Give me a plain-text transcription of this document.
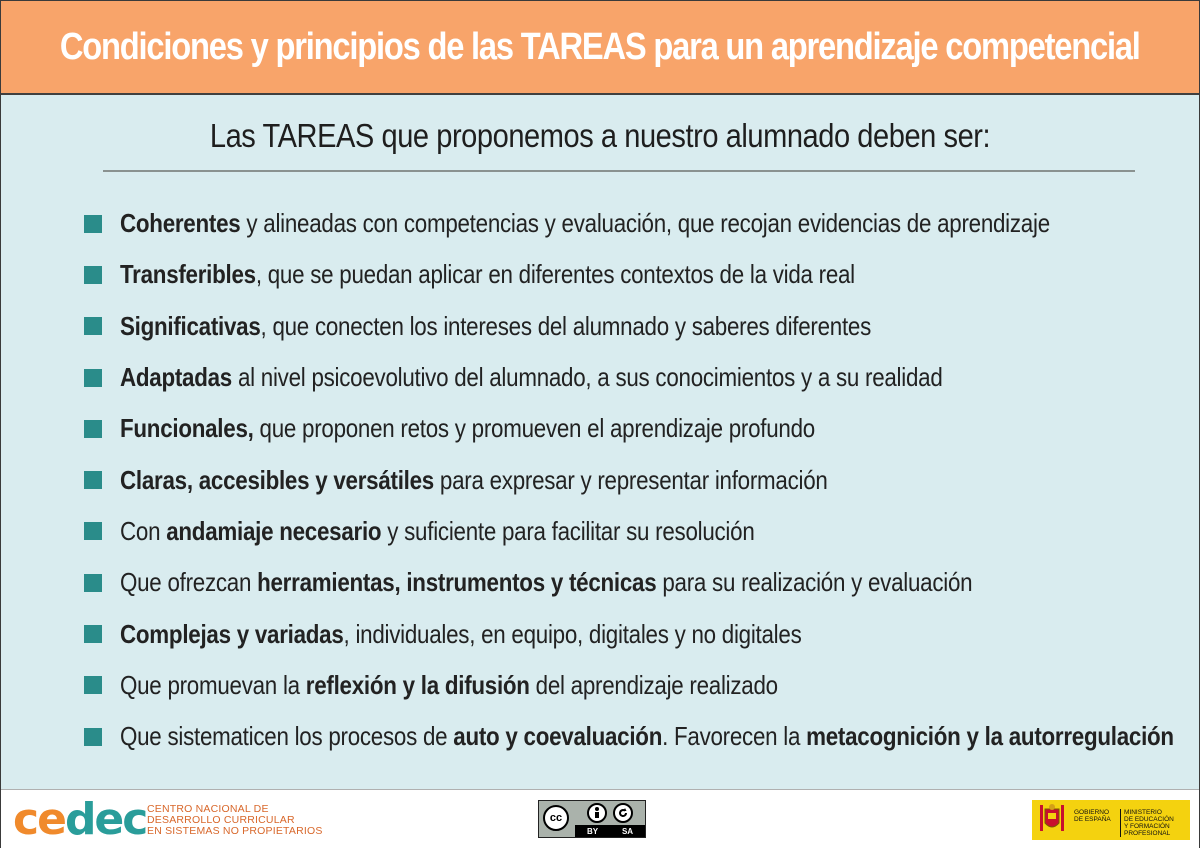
Condiciones y principios de las TAREAS para un aprendizaje competencial
Las TAREAS que proponemos a nuestro alumnado deben ser:
Coherentes y alineadas con competencias y evaluación, que recojan evidencias de aprendizaje
Transferibles, que se puedan aplicar en diferentes contextos de la vida real
Significativas, que conecten los intereses del alumnado y saberes diferentes
Adaptadas al nivel psicoevolutivo del alumnado, a sus conocimientos y a su realidad
Funcionales, que proponen retos y promueven el aprendizaje profundo
Claras, accesibles y versátiles para expresar y representar información
Con andamiaje necesario y suficiente para facilitar su resolución
Que ofrezcan herramientas, instrumentos y técnicas para su realización y evaluación
Complejas y variadas, individuales, en equipo, digitales y no digitales
Que promuevan la reflexión y la difusión del aprendizaje realizado
Que sistematicen los procesos de auto y coevaluación. Favorecen la metacognición y la autorregulación
cedec CENTRO NACIONAL DE
DESARROLLO CURRICULAR
EN SISTEMAS NO PROPIETARIOS
cc
BY	SA
GOBIERNO
DE ESPAÑA
MINISTERIO
DE EDUCACIÓN
Y FORMACIÓN PROFESIONAL
